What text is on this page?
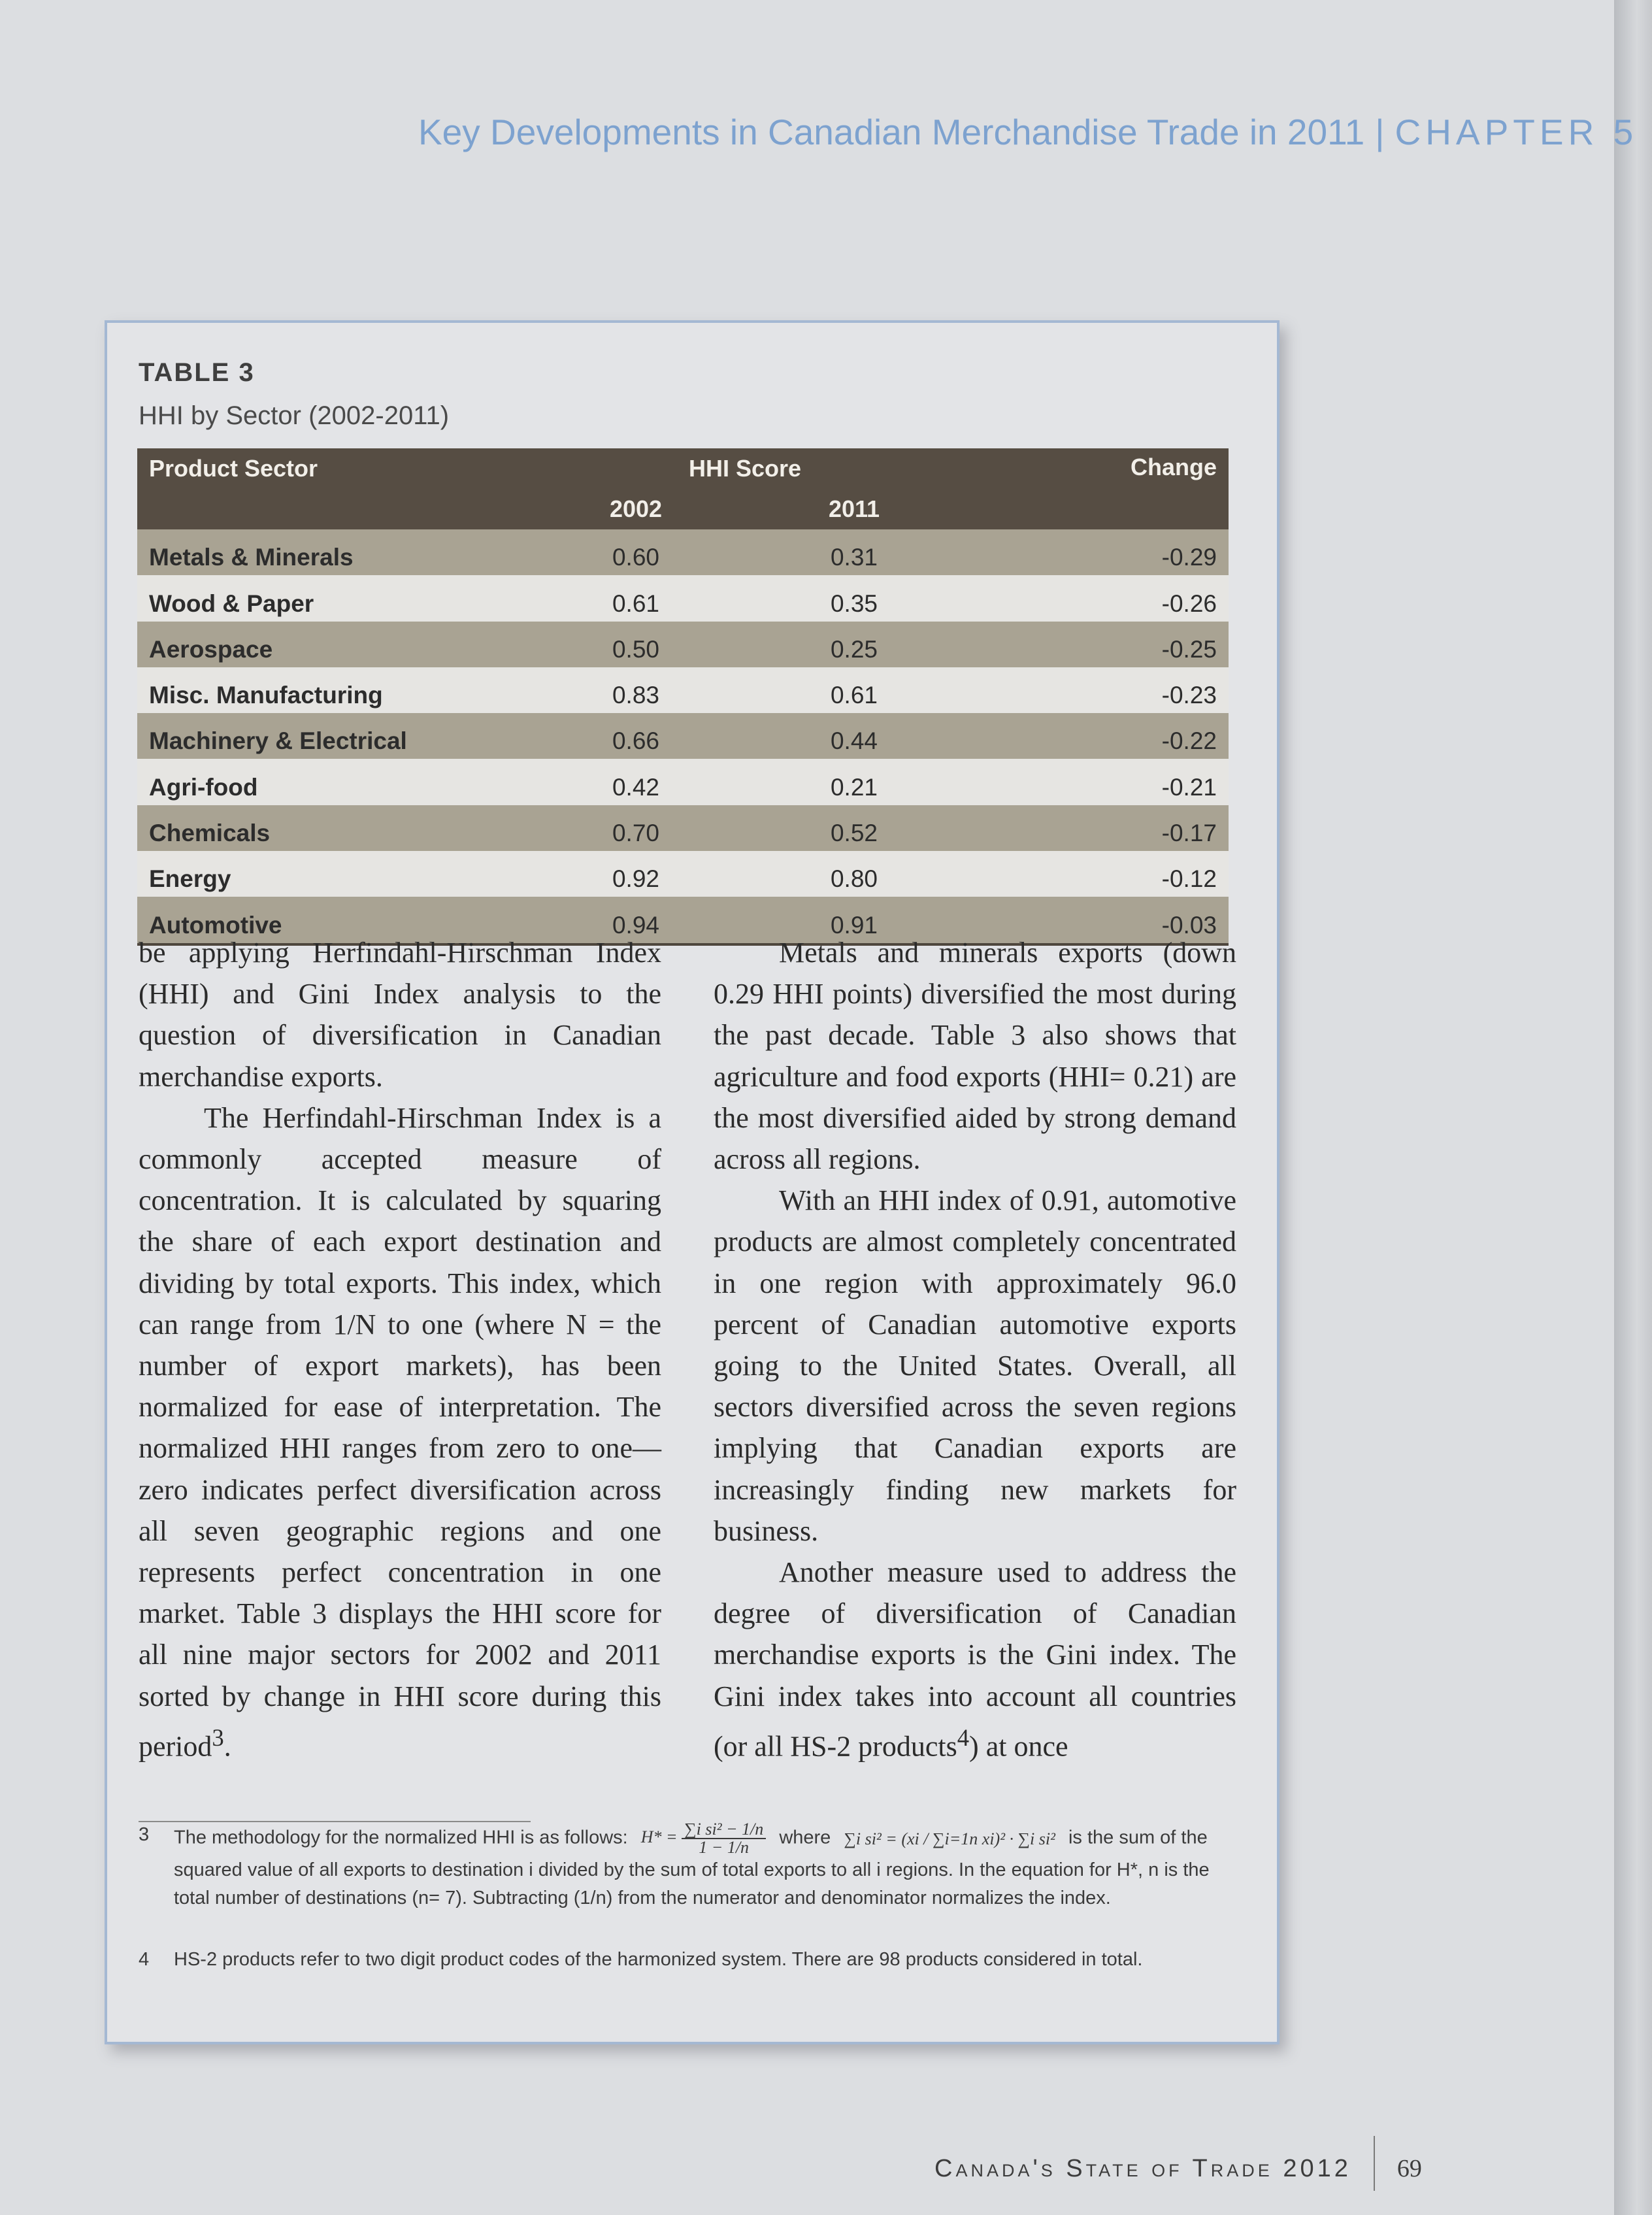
Key Developments in Canadian Merchandise Trade in 2011 | CHAPTER 5
TABLE 3
HHI by Sector (2002-2011)
Product Sector	HHI Score		Change
	2002	2011	
Metals & Minerals	0.60	0.31	-0.29
Wood & Paper	0.61	0.35	-0.26
Aerospace	0.50	0.25	-0.25
Misc. Manufacturing	0.83	0.61	-0.23
Machinery & Electrical	0.66	0.44	-0.22
Agri-food	0.42	0.21	-0.21
Chemicals	0.70	0.52	-0.17
Energy	0.92	0.80	-0.12
Automotive	0.94	0.91	-0.03

be applying Herfindahl-Hirschman Index (HHI) and Gini Index analysis to the question of diversification in Canadian merchandise exports.

The Herfindahl-Hirschman Index is a commonly accepted measure of concentration. It is calculated by squaring the share of each export destination and dividing by total exports. This index, which can range from 1/N to one (where N = the number of export markets), has been normalized for ease of interpretation. The normalized HHI ranges from zero to one—zero indicates perfect diversification across all seven geographic regions and one represents perfect concentration in one market. Table 3 displays the HHI score for all nine major sectors for 2002 and 2011 sorted by change in HHI score during this period$^3$.

Metals and minerals exports (down 0.29 HHI points) diversified the most during the past decade. Table 3 also shows that agriculture and food exports (HHI= 0.21) are the most diversified aided by strong demand across all regions.

With an HHI index of 0.91, automotive products are almost completely concentrated in one region with approximately 96.0 percent of Canadian automotive exports going to the United States. Overall, all sectors diversified across the seven regions implying that Canadian exports are increasingly finding new markets for business.

Another measure used to address the degree of diversification of Canadian merchandise exports is the Gini index. The Gini index takes into account all countries (or all HS-2 products$^4$) at once

3 The methodology for the normalized HHI is as follows: $H* = \frac{\text{∑i si² − 1/n}}{1 - 1/n}$ where ∑i si² = (xi / ∑i=1n xi)² · ∑i si² is the sum of the squared value of all exports to destination i divided by the sum of total exports to all i regions. In the equation for H*, n is the total number of destinations (n= 7). Subtracting (1/n) from the numerator and denominator normalizes the index.
4 HS-2 products refer to two digit product codes of the harmonized system. There are 98 products considered in total.
Canada's State of Trade 2012 69
